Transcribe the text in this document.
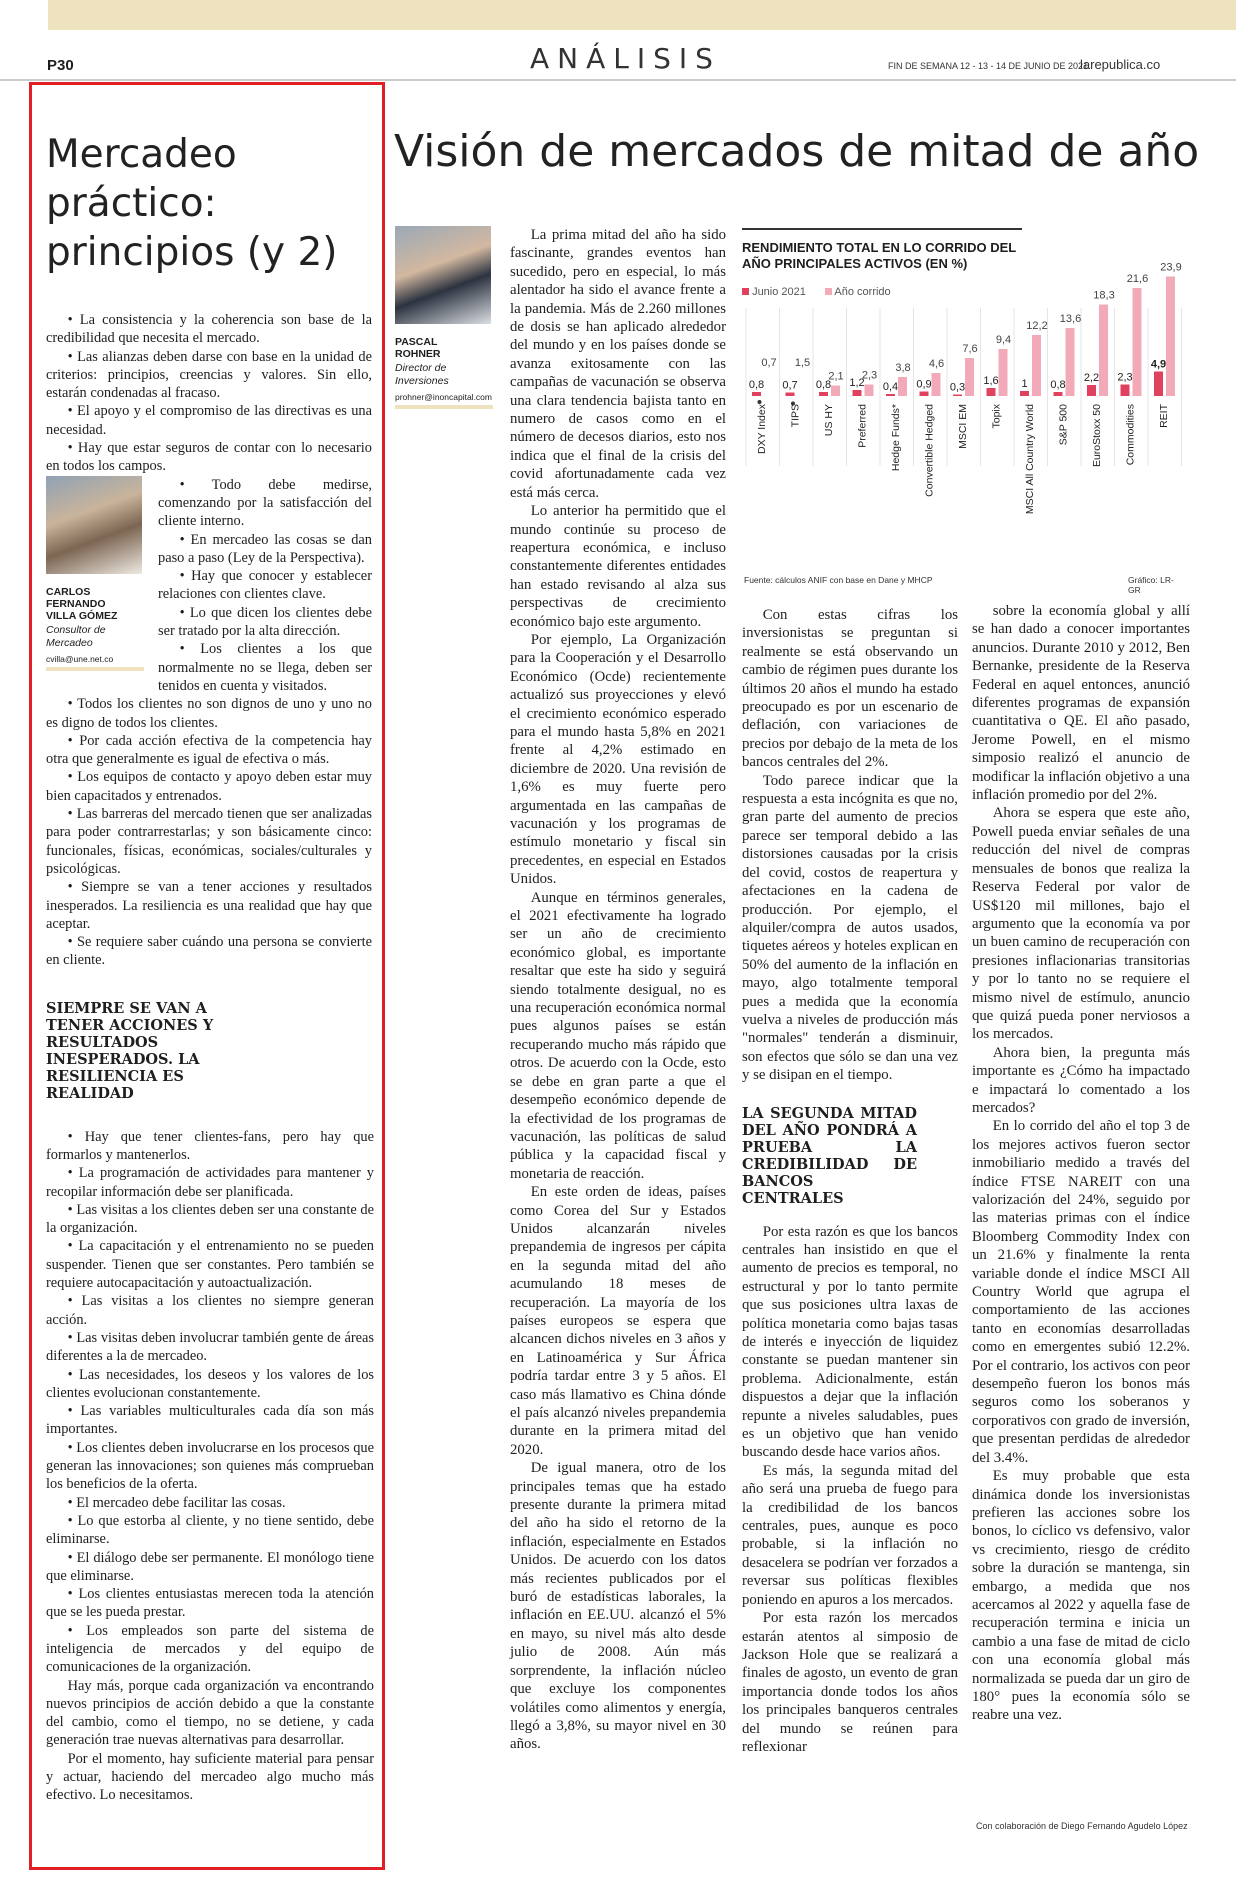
P30	ANÁLISIS	FIN DE SEMANA 12 - 13 - 14 DE JUNIO DE 2021
larepublica.co
Mercadeo práctico: principios (y 2)

• La consistencia y la coherencia son base de la credibilidad que necesita el mercado.

• Las alianzas deben darse con base en la unidad de criterios: principios, creencias y valores. Sin ello, estarán condenadas al fracaso.

• El apoyo y el compromiso de las directivas es una necesidad.

• Hay que estar seguros de contar con lo necesario en todos los campos.

• Todo debe medirse, comenzando por la satisfacción del cliente interno.

• En mercadeo las cosas se dan paso a paso (Ley de la Perspectiva).

• Hay que conocer y establecer relaciones con clientes clave.

• Lo que dicen los clientes debe ser tratado por la alta dirección.

• Los clientes a los que normalmente no se llega, deben ser tenidos en cuenta y visitados.

• Todos los clientes no son dignos de uno y uno no es digno de todos los clientes.

• Por cada acción efectiva de la competencia hay otra que generalmente es igual de efectiva o más.

• Los equipos de contacto y apoyo deben estar muy bien capacitados y entrenados.

• Las barreras del mercado tienen que ser analizadas para poder contrarrestarlas; y son básicamente cinco: funcionales, físicas, económicas, sociales/culturales y psicológicas.

• Siempre se van a tener acciones y resultados inesperados. La resiliencia es una realidad que hay que aceptar.

• Se requiere saber cuándo una persona se convierte en cliente.

SIEMPRE SE VAN A TENER ACCIONES Y RESULTADOS INESPERADOS. LA RESILIENCIA ES REALIDAD

• Hay que tener clientes-fans, pero hay que formarlos y mantenerlos.

• La programación de actividades para mantener y recopilar información debe ser planificada.

• Las visitas a los clientes deben ser una constante de la organización.

• La capacitación y el entrenamiento no se pueden suspender. Tienen que ser constantes. Pero también se requiere autocapacitación y autoactualización.

• Las visitas a los clientes no siempre generan acción.

• Las visitas deben involucrar también gente de áreas diferentes a la de mercadeo.

• Las necesidades, los deseos y los valores de los clientes evolucionan constantemente.

• Las variables multiculturales cada día son más importantes.

• Los clientes deben involucrarse en los procesos que generan las innovaciones; son quienes más comprueban los beneficios de la oferta.

• El mercadeo debe facilitar las cosas.

• Lo que estorba al cliente, y no tiene sentido, debe eliminarse.

• El diálogo debe ser permanente. El monólogo tiene que eliminarse.

• Los clientes entusiastas merecen toda la atención que se les pueda prestar.

• Los empleados son parte del sistema de inteligencia de mercados y del equipo de comunicaciones de la organización.

Hay más, porque cada organización va encontrando nuevos principios de acción debido a que la constante del cambio, como el tiempo, no se detiene, y cada generación trae nuevas alternativas para desarrollar.

Por el momento, hay suficiente material para pensar y actuar, haciendo del mercadeo algo mucho más efectivo. Lo necesitamos.

CARLOS FERNANDO VILLA GÓMEZ
Consultor de Mercadeo
cvilla@une.net.co
Visión de mercados de mitad de año
PASCAL ROHNER
Director de Inversiones
prohner@inoncapital.com

La prima mitad del año ha sido fascinante, grandes eventos han sucedido, pero en especial, lo más alentador ha sido el avance frente a la pandemia. Más de 2.260 millones de dosis se han aplicado alrededor del mundo y en los países donde se avanza exitosamente con las campañas de vacunación se observa una clara tendencia bajista tanto en numero de casos como en el número de decesos diarios, esto nos indica que el final de la crisis del covid afortunadamente cada vez está más cerca.

Lo anterior ha permitido que el mundo continúe su proceso de reapertura económica, e incluso constantemente diferentes entidades han estado revisando al alza sus perspectivas de crecimiento económico bajo este argumento.

Por ejemplo, La Organización para la Cooperación y el Desarrollo Económico (Ocde) recientemente actualizó sus proyecciones y elevó el crecimiento económico esperado para el mundo hasta 5,8% en 2021 frente al 4,2% estimado en diciembre de 2020. Una revisión de 1,6% es muy fuerte pero argumentada en las campañas de vacunación y los programas de estímulo monetario y fiscal sin precedentes, en especial en Estados Unidos.

Aunque en términos generales, el 2021 efectivamente ha logrado ser un año de crecimiento económico global, es importante resaltar que este ha sido y seguirá siendo totalmente desigual, no es una recuperación económica normal pues algunos países se están recuperando mucho más rápido que otros. De acuerdo con la Ocde, esto se debe en gran parte a que el desempeño económico depende de la efectividad de los programas de vacunación, las políticas de salud pública y la capacidad fiscal y monetaria de reacción.

En este orden de ideas, países como Corea del Sur y Estados Unidos alcanzarán niveles prepandemia de ingresos per cápita en la segunda mitad del año acumulando 18 meses de recuperación. La mayoría de los países europeos se espera que alcancen dichos niveles en 3 años y en Latinoamérica y Sur África podría tardar entre 3 y 5 años. El caso más llamativo es China dónde el país alcanzó niveles prepandemia durante en la primera mitad del 2020.

De igual manera, otro de los principales temas que ha estado presente durante la primera mitad del año ha sido el retorno de la inflación, especialmente en Estados Unidos. De acuerdo con los datos más recientes publicados por el buró de estadísticas laborales, la inflación en EE.UU. alcanzó el 5% en mayo, su nivel más alto desde julio de 2008. Aún más sorprendente, la inflación núcleo que excluye los componentes volátiles como alimentos y energía, llegó a 3,8%, su mayor nivel en 30 años.

RENDIMIENTO TOTAL EN LO CORRIDO DEL AÑO PRINCIPALES ACTIVOS (EN %)
Junio 2021	Año corrido
0,8
0,7
DXY Index
0,7
1,5
TIPS
0,8
2,1
US HY
1,2
2,3
Preferred
0,4
3,8
Hedge Funds*
0,9
4,6
Convertible Hedged
0,3
7,6
MSCI EM
1,6
9,4
Topix
1
12,2
MSCI All Country World
0,8
13,6
S&P 500
2,2
18,3
EuroStoxx 50
2,3
21,6
Commodities
4,9
23,9
REIT
Fuente: cálculos ANIF con base en Dane y MHCP	Gráfico: LR-GR

Con estas cifras los inversionistas se preguntan si realmente se está observando un cambio de régimen pues durante los últimos 20 años el mundo ha estado preocupado es por un escenario de deflación, con variaciones de precios por debajo de la meta de los bancos centrales del 2%.

Todo parece indicar que la respuesta a esta incógnita es que no, gran parte del aumento de precios parece ser temporal debido a las distorsiones causadas por la crisis del covid, costos de reapertura y afectaciones en la cadena de producción. Por ejemplo, el alquiler/compra de autos usados, tiquetes aéreos y hoteles explican en 50% del aumento de la inflación en mayo, algo totalmente temporal pues a medida que la economía vuelva a niveles de producción más "normales" tenderán a disminuir, son efectos que sólo se dan una vez y se disipan en el tiempo.

LA SEGUNDA MITAD DEL AÑO PONDRÁ A PRUEBA LA CREDIBILIDAD DE BANCOS CENTRALES

Por esta razón es que los bancos centrales han insistido en que el aumento de precios es temporal, no estructural y por lo tanto permite que sus posiciones ultra laxas de política monetaria como bajas tasas de interés e inyección de liquidez constante se puedan mantener sin problema. Adicionalmente, están dispuestos a dejar que la inflación repunte a niveles saludables, pues es un objetivo que han venido buscando desde hace varios años.

Es más, la segunda mitad del año será una prueba de fuego para la credibilidad de los bancos centrales, pues, aunque es poco probable, si la inflación no desacelera se podrían ver forzados a reversar sus políticas flexibles poniendo en apuros a los mercados.

Por esta razón los mercados estarán atentos al simposio de Jackson Hole que se realizará a finales de agosto, un evento de gran importancia donde todos los años los principales banqueros centrales del mundo se reúnen para reflexionar

sobre la economía global y allí se han dado a conocer importantes anuncios. Durante 2010 y 2012, Ben Bernanke, presidente de la Reserva Federal en aquel entonces, anunció diferentes programas de expansión cuantitativa o QE. El año pasado, Jerome Powell, en el mismo simposio realizó el anuncio de modificar la inflación objetivo a una inflación promedio por del 2%.

Ahora se espera que este año, Powell pueda enviar señales de una reducción del nivel de compras mensuales de bonos que realiza la Reserva Federal por valor de US$120 mil millones, bajo el argumento que la economía va por un buen camino de recuperación con presiones inflacionarias transitorias y por lo tanto no se requiere el mismo nivel de estímulo, anuncio que quizá pueda poner nerviosos a los mercados.

Ahora bien, la pregunta más importante es ¿Cómo ha impactado e impactará lo comentado a los mercados?

En lo corrido del año el top 3 de los mejores activos fueron sector inmobiliario medido a través del índice FTSE NAREIT con una valorización del 24%, seguido por las materias primas con el índice Bloomberg Commodity Index con un 21.6% y finalmente la renta variable donde el índice MSCI All Country World que agrupa el comportamiento de las acciones tanto en economías desarrolladas como en emergentes subió 12.2%. Por el contrario, los activos con peor desempeño fueron los bonos más seguros como los soberanos y corporativos con grado de inversión, que presentan perdidas de alrededor del 3.4%.

Es muy probable que esta dinámica donde los inversionistas prefieren las acciones sobre los bonos, lo cíclico vs defensivo, valor vs crecimiento, riesgo de crédito sobre la duración se mantenga, sin embargo, a medida que nos acercamos al 2022 y aquella fase de recuperación termina e inicia un cambio a una fase de mitad de ciclo con una economía global más normalizada se pueda dar un giro de 180° pues la economía sólo se reabre una vez.

Con colaboración de Diego Fernando Agudelo López
